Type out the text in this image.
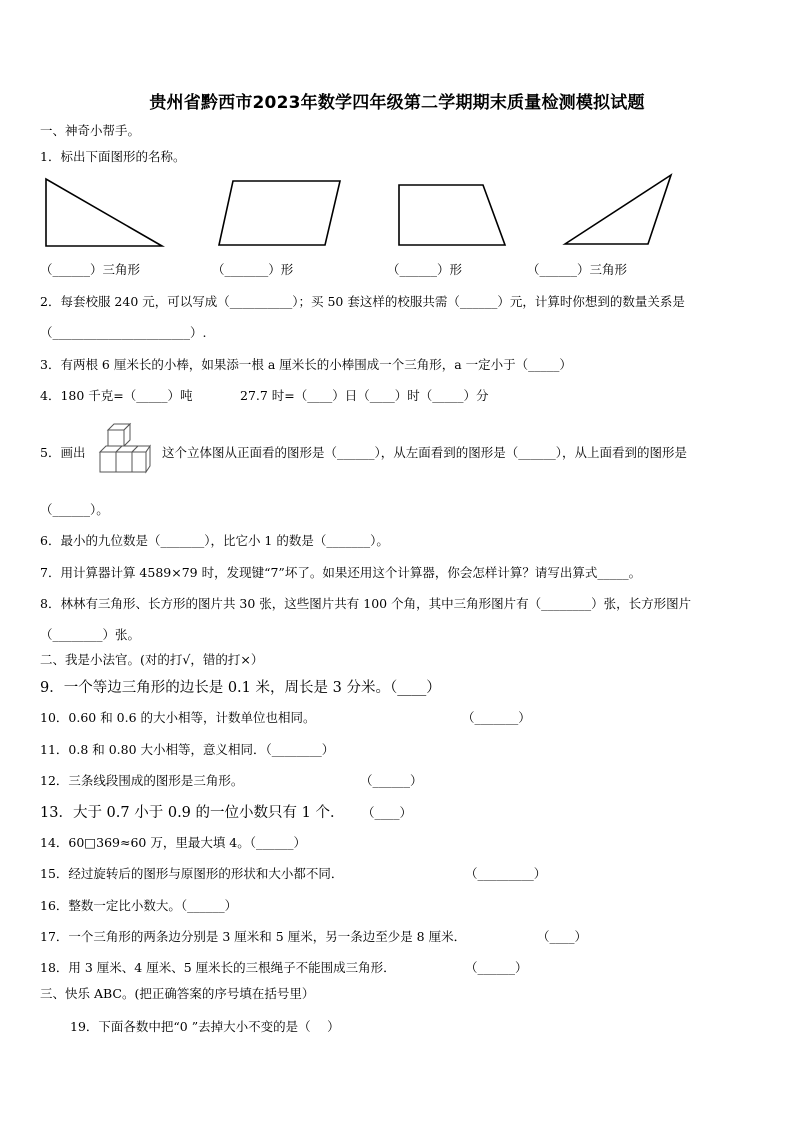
贵州省黔西市2023年数学四年级第二学期期末质量检测模拟试题
一、神奇小帮手。
1．标出下面图形的名称。
（______）三角形	（_______）形	（______）形	（______）三角形
2．每套校服 240 元，可以写成（__________）；买 50 套这样的校服共需（______）元，计算时你想到的数量关系是
（______________________）.
3．有两根 6 厘米长的小棒，如果添一根 a 厘米长的小棒围成一个三角形，a 一定小于（_____）
4．180 千克=（_____）吨	27.7 时=（____）日（____）时（_____）分
5．画出	这个立体图从正面看的图形是（______），从左面看到的图形是（______），从上面看到的图形是
（______）。
6．最小的九位数是（_______），比它小 1 的数是（_______）。
7．用计算器计算 4589×79 时，发现键“7”坏了。如果还用这个计算器，你会怎样计算？请写出算式_____。
8．林林有三角形、长方形的图片共 30 张，这些图片共有 100 个角，其中三角形图片有（________）张，长方形图片
（________）张。
二、我是小法官。(对的打√，错的打×）
9．一个等边三角形的边长是 0.1 米，周长是 3 分米。（____）
10．0.60 和 0.6 的大小相等，计数单位也相同。	（_______）
11．0.8 和 0.80 大小相等，意义相同．（________）
12．三条线段围成的图形是三角形。	（______）
13．大于 0.7 小于 0.9 的一位小数只有 1 个． （____）
14．60□369≈60 万，里最大填 4。（______）
15．经过旋转后的图形与原图形的形状和大小都不同．	（_________）
16．整数一定比小数大。（______）
17．一个三角形的两条边分别是 3 厘米和 5 厘米，另一条边至少是 8 厘米．	（____）
18．用 3 厘米、4 厘米、5 厘米长的三根绳子不能围成三角形．	（______）
三、快乐 ABC。(把正确答案的序号填在括号里）
19．下面各数中把“0 ”去掉大小不变的是（　 ）
